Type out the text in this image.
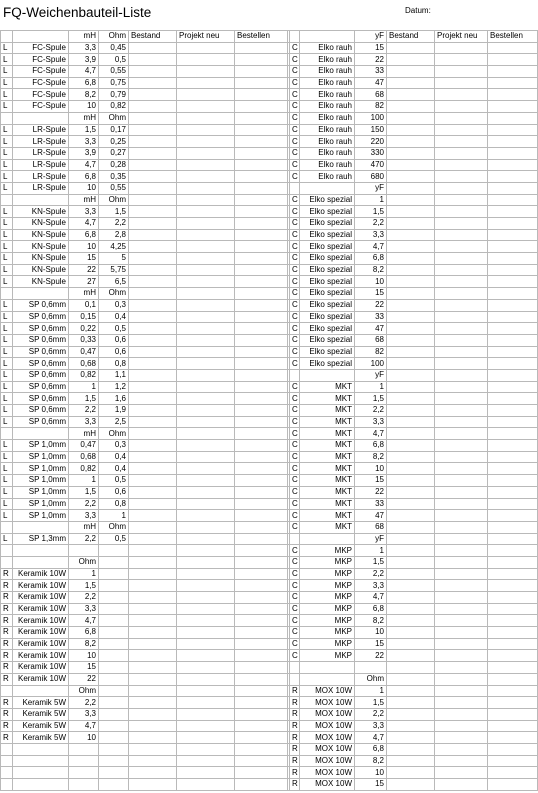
FQ-Weichenbauteil-Liste	Datum:
		mH	Ohm	Bestand	Projekt neu	Bestellen				yF	Bestand	Projekt neu	Bestellen
L	FC-Spule	3,3	0,45					C	Elko rauh	15			
L	FC-Spule	3,9	0,5					C	Elko rauh	22			
L	FC-Spule	4,7	0,55					C	Elko rauh	33			
L	FC-Spule	6,8	0,75					C	Elko rauh	47			
L	FC-Spule	8,2	0,79					C	Elko rauh	68			
L	FC-Spule	10	0,82					C	Elko rauh	82			
		mH	Ohm					C	Elko rauh	100			
L	LR-Spule	1,5	0,17					C	Elko rauh	150			
L	LR-Spule	3,3	0,25					C	Elko rauh	220			
L	LR-Spule	3,9	0,27					C	Elko rauh	330			
L	LR-Spule	4,7	0,28					C	Elko rauh	470			
L	LR-Spule	6,8	0,35					C	Elko rauh	680			
L	LR-Spule	10	0,55							yF			
		mH	Ohm					C	Elko spezial	1			
L	KN-Spule	3,3	1,5					C	Elko spezial	1,5			
L	KN-Spule	4,7	2,2					C	Elko spezial	2,2			
L	KN-Spule	6,8	2,8					C	Elko spezial	3,3			
L	KN-Spule	10	4,25					C	Elko spezial	4,7			
L	KN-Spule	15	5					C	Elko spezial	6,8			
L	KN-Spule	22	5,75					C	Elko spezial	8,2			
L	KN-Spule	27	6,5					C	Elko spezial	10			
		mH	Ohm					C	Elko spezial	15			
L	SP 0,6mm	0,1	0,3					C	Elko spezial	22			
L	SP 0,6mm	0,15	0,4					C	Elko spezial	33			
L	SP 0,6mm	0,22	0,5					C	Elko spezial	47			
L	SP 0,6mm	0,33	0,6					C	Elko spezial	68			
L	SP 0,6mm	0,47	0,6					C	Elko spezial	82			
L	SP 0,6mm	0,68	0,8					C	Elko spezial	100			
L	SP 0,6mm	0,82	1,1							yF			
L	SP 0,6mm	1	1,2					C	MKT	1			
L	SP 0,6mm	1,5	1,6					C	MKT	1,5			
L	SP 0,6mm	2,2	1,9					C	MKT	2,2			
L	SP 0,6mm	3,3	2,5					C	MKT	3,3			
		mH	Ohm					C	MKT	4,7			
L	SP 1,0mm	0,47	0,3					C	MKT	6,8			
L	SP 1,0mm	0,68	0,4					C	MKT	8,2			
L	SP 1,0mm	0,82	0,4					C	MKT	10			
L	SP 1,0mm	1	0,5					C	MKT	15			
L	SP 1,0mm	1,5	0,6					C	MKT	22			
L	SP 1,0mm	2,2	0,8					C	MKT	33			
L	SP 1,0mm	3,3	1					C	MKT	47			
		mH	Ohm					C	MKT	68			
L	SP 1,3mm	2,2	0,5							yF			
								C	MKP	1			
		Ohm						C	MKP	1,5			
R	Keramik 10W	1						C	MKP	2,2			
R	Keramik 10W	1,5						C	MKP	3,3			
R	Keramik 10W	2,2						C	MKP	4,7			
R	Keramik 10W	3,3						C	MKP	6,8			
R	Keramik 10W	4,7						C	MKP	8,2			
R	Keramik 10W	6,8						C	MKP	10			
R	Keramik 10W	8,2						C	MKP	15			
R	Keramik 10W	10						C	MKP	22			
R	Keramik 10W	15											
R	Keramik 10W	22								Ohm			
		Ohm						R	MOX 10W	1			
R	Keramik 5W	2,2						R	MOX 10W	1,5			
R	Keramik 5W	3,3						R	MOX 10W	2,2			
R	Keramik 5W	4,7						R	MOX 10W	3,3			
R	Keramik 5W	10						R	MOX 10W	4,7			
								R	MOX 10W	6,8			
								R	MOX 10W	8,2			
								R	MOX 10W	10			
								R	MOX 10W	15			
